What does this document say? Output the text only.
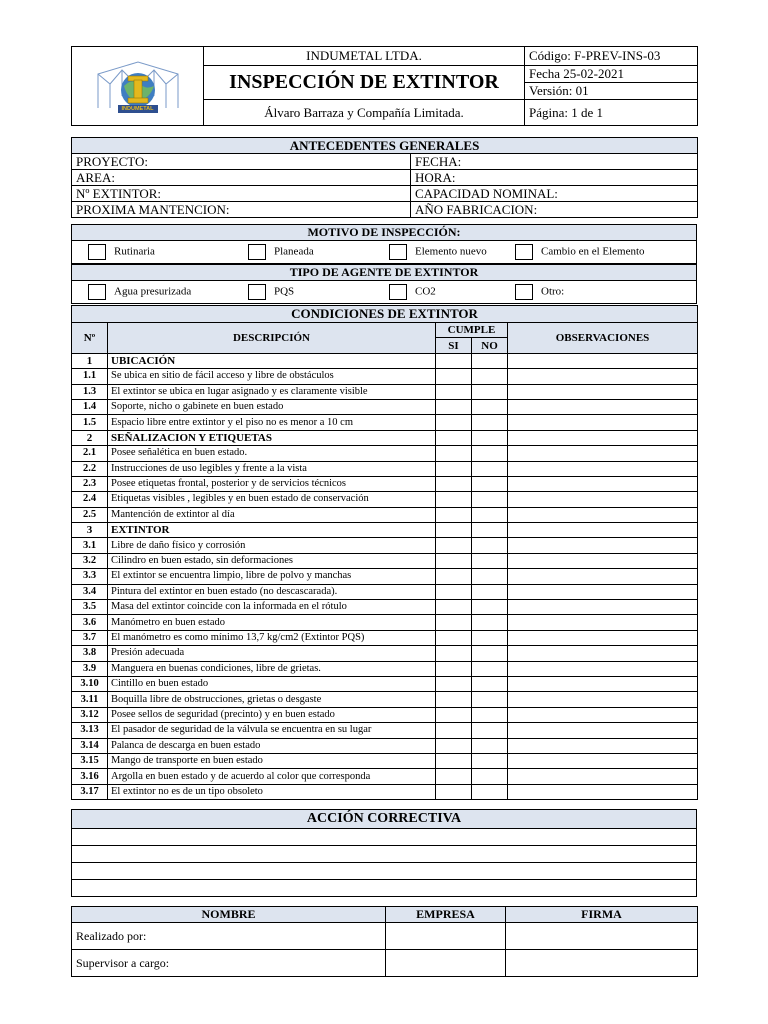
INDUMETAL	INDUMETAL LTDA.	Código: F-PREV-INS-03
	INSPECCIÓN DE EXTINTOR	Fecha 25-02-2021
		Versión: 01
	Álvaro Barraza y Compañía Limitada.	Página: 1 de 1
ANTECEDENTES GENERALES	
PROYECTO:	FECHA:
AREA:	HORA:
Nº EXTINTOR:	CAPACIDAD NOMINAL:
PROXIMA MANTENCION:	AÑO FABRICACION:
MOTIVO DE INSPECCIÓN:
Rutinaria	Planeada	Elemento nuevo	Cambio en el Elemento
TIPO DE AGENTE DE EXTINTOR
Agua presurizada	PQS	CO2	Otro:
CONDICIONES DE EXTINTOR				
Nº	DESCRIPCIÓN	CUMPLE		OBSERVACIONES
		SI	NO	
1	UBICACIÓN			
1.1	Se ubica en sitio de fácil acceso y libre de obstáculos			
1.3	El extintor se ubica en lugar asignado y es claramente visible			
1.4	Soporte, nicho o gabinete en buen estado			
1.5	Espacio libre entre extintor y el piso no es menor a 10 cm			
2	SEÑALIZACION Y ETIQUETAS			
2.1	Posee señalética en buen estado.			
2.2	Instrucciones de uso legibles y frente a la vista			
2.3	Posee etiquetas frontal, posterior y de servicios técnicos			
2.4	Etiquetas visibles , legibles y en buen estado de conservación			
2.5	Mantención de extintor al día			
3	EXTINTOR			
3.1	Libre de daño físico y corrosión			
3.2	Cilindro en buen estado, sin deformaciones			
3.3	El extintor se encuentra limpio, libre de polvo y manchas			
3.4	Pintura del extintor en buen estado (no descascarada).			
3.5	Masa del extintor coincide con la informada en el rótulo			
3.6	Manómetro en buen estado			
3.7	El manómetro es como mínimo 13,7 kg/cm2 (Extintor PQS)			
3.8	Presión adecuada			
3.9	Manguera en buenas condiciones, libre de grietas.			
3.10	Cintillo en buen estado			
3.11	Boquilla libre de obstrucciones, grietas o desgaste			
3.12	Posee sellos de seguridad (precinto) y en buen estado			
3.13	El pasador de seguridad de la válvula se encuentra en su lugar			
3.14	Palanca de descarga en buen estado			
3.15	Mango de transporte en buen estado			
3.16	Argolla en buen estado y de acuerdo al color que corresponda			
3.17	El extintor no es de un tipo obsoleto			
ACCIÓN CORRECTIVA

NOMBRE	EMPRESA	FIRMA
Realizado por:		
Supervisor a cargo:		
